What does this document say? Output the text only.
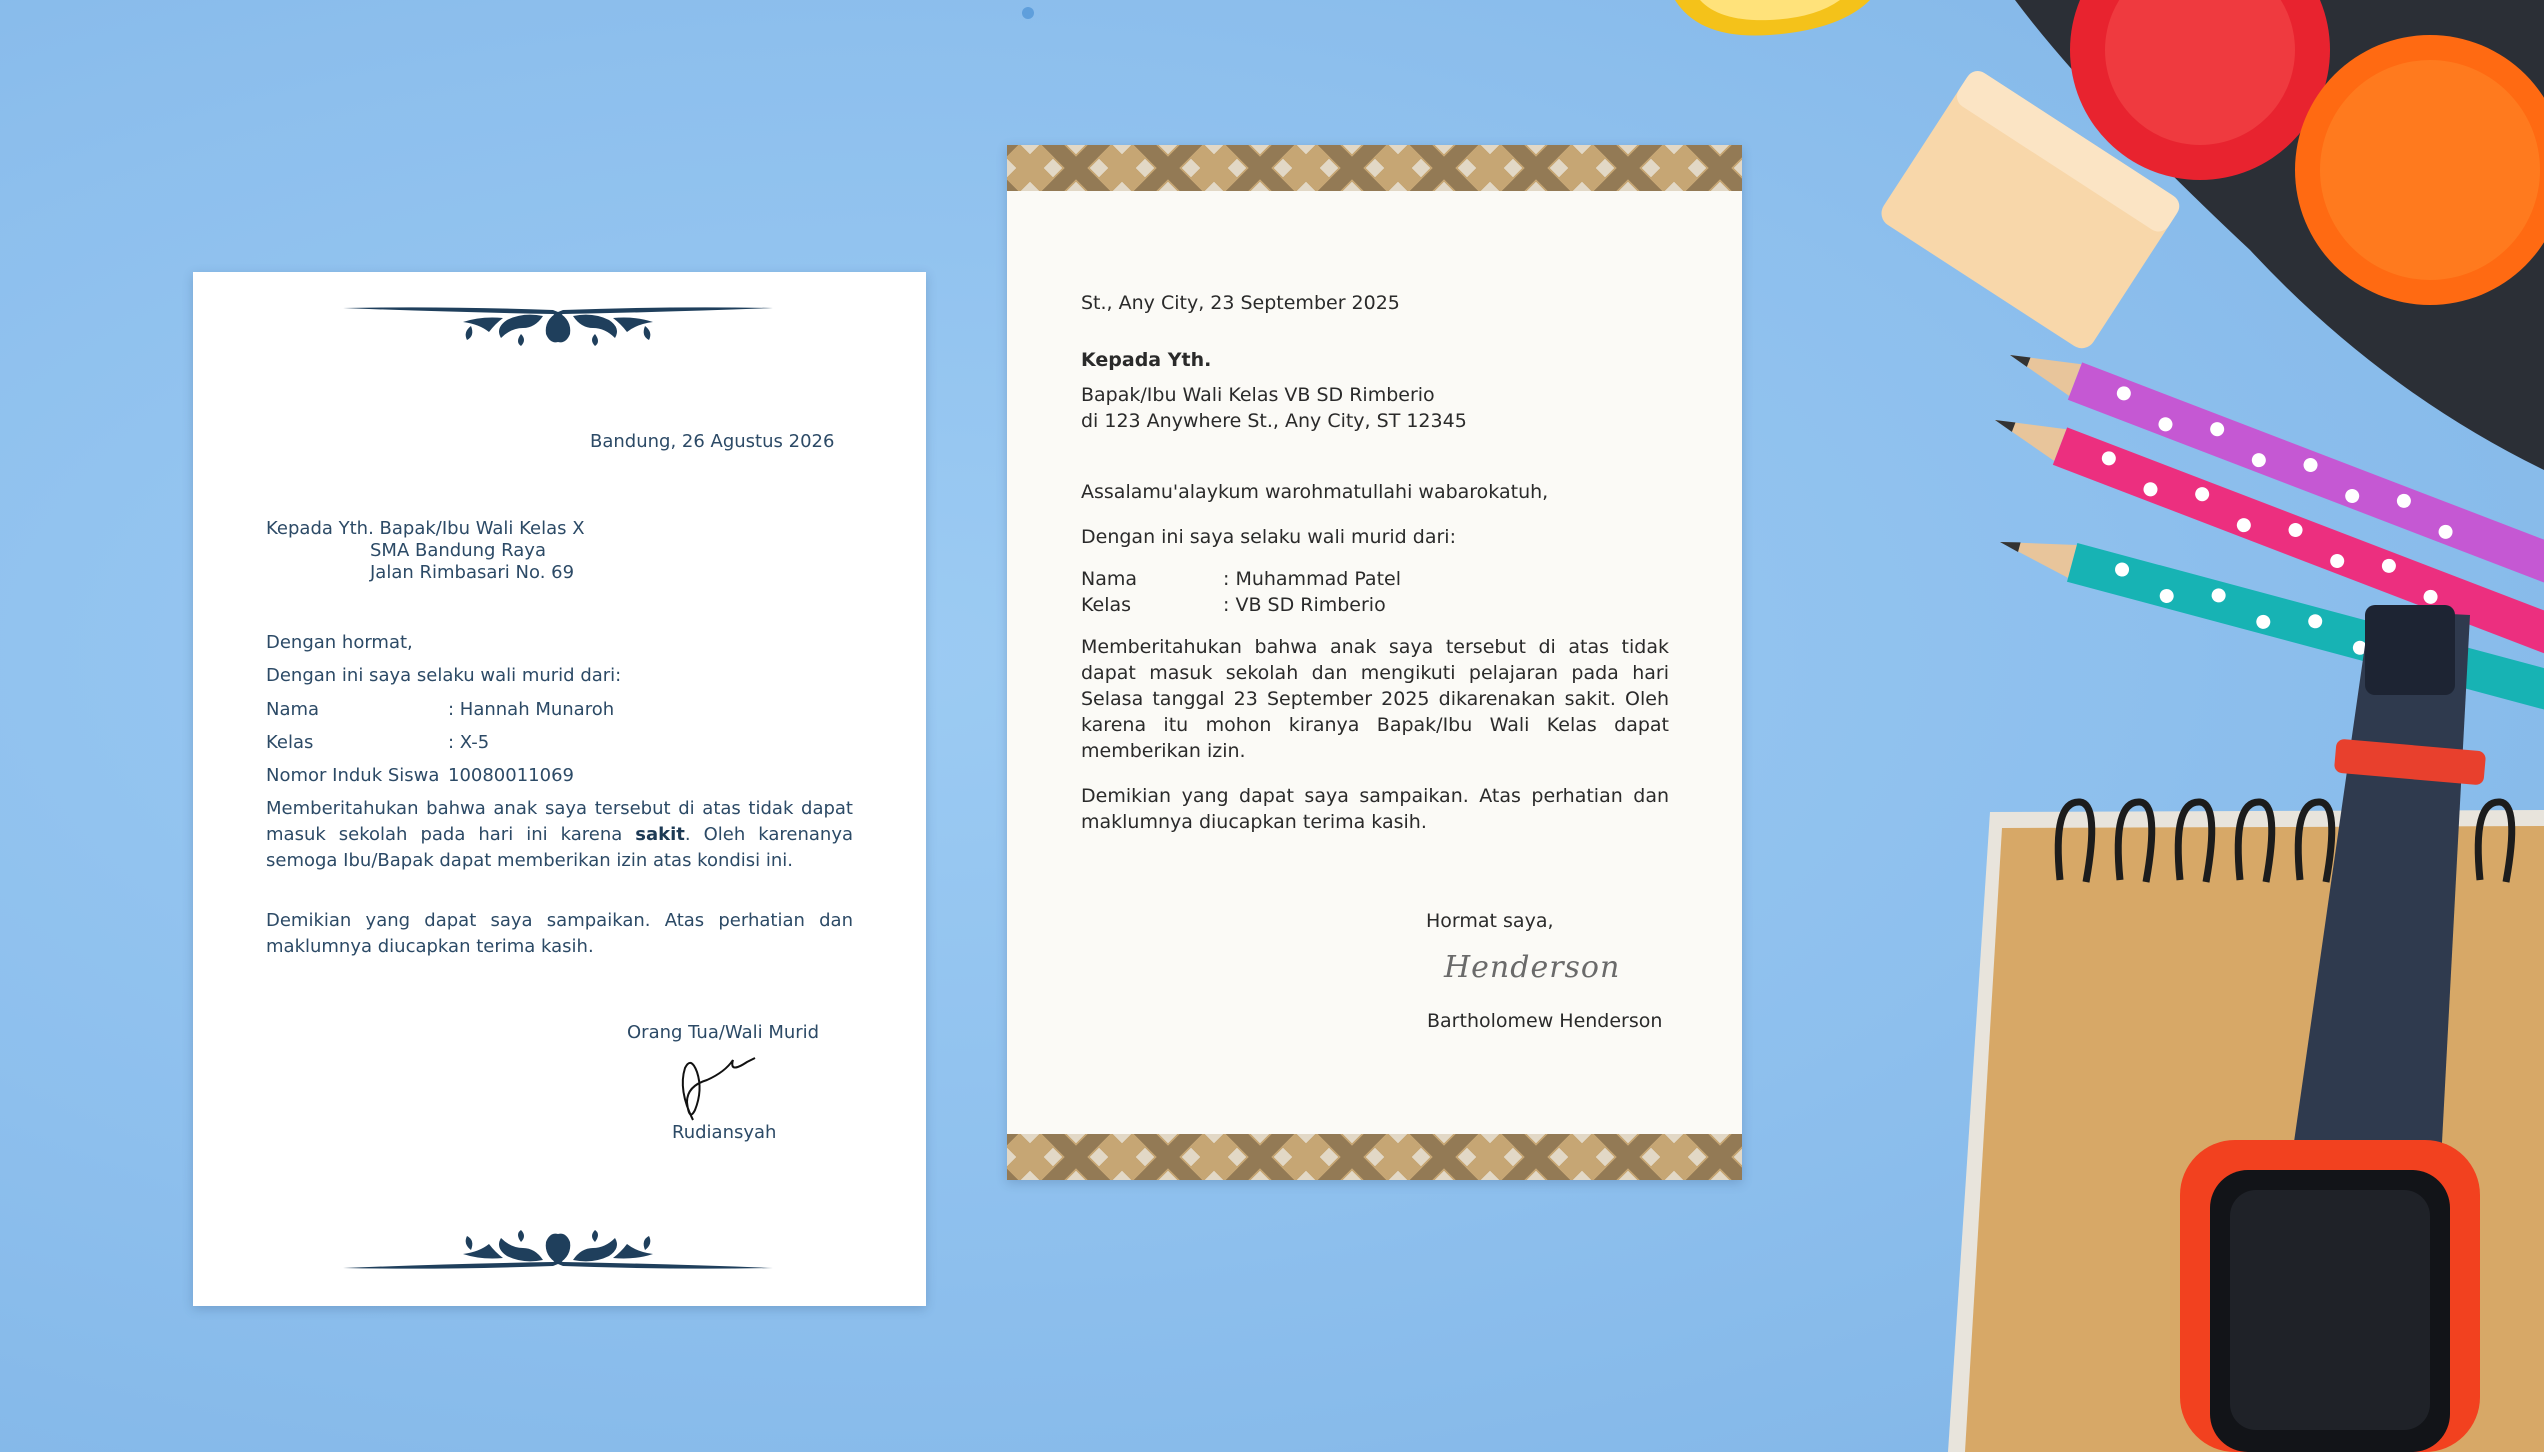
Bandung, 26 Agustus 2026
Kepada Yth. Bapak/Ibu Wali Kelas X
SMA Bandung Raya
Jalan Rimbasari No. 69
Dengan hormat,
Dengan ini saya selaku wali murid dari:
Nama	: Hannah Munaroh
Kelas	: X-5
Nomor Induk Siswa 10080011069
Memberitahukan bahwa anak saya tersebut di atas tidak dapat masuk sekolah pada hari ini karena sakit. Oleh karenanya semoga Ibu/Bapak dapat memberikan izin atas kondisi ini.
Demikian yang dapat saya sampaikan. Atas perhatian dan maklumnya diucapkan terima kasih.
Orang Tua/Wali Murid
Rudiansyah
St., Any City, 23 September 2025
Kepada Yth.
Bapak/Ibu Wali Kelas VB SD Rimberio
di 123 Anywhere St., Any City, ST 12345
Assalamu'alaykum warohmatullahi wabarokatuh,
Dengan ini saya selaku wali murid dari:
Nama	: Muhammad Patel
Kelas	: VB SD Rimberio
Memberitahukan bahwa anak saya tersebut di atas tidak dapat masuk sekolah dan mengikuti pelajaran pada hari Selasa tanggal 23 September 2025 dikarenakan sakit. Oleh karena itu mohon kiranya Bapak/Ibu Wali Kelas dapat memberikan izin.
Demikian yang dapat saya sampaikan. Atas perhatian dan maklumnya diucapkan terima kasih.
Hormat saya,
Henderson
Bartholomew Henderson
